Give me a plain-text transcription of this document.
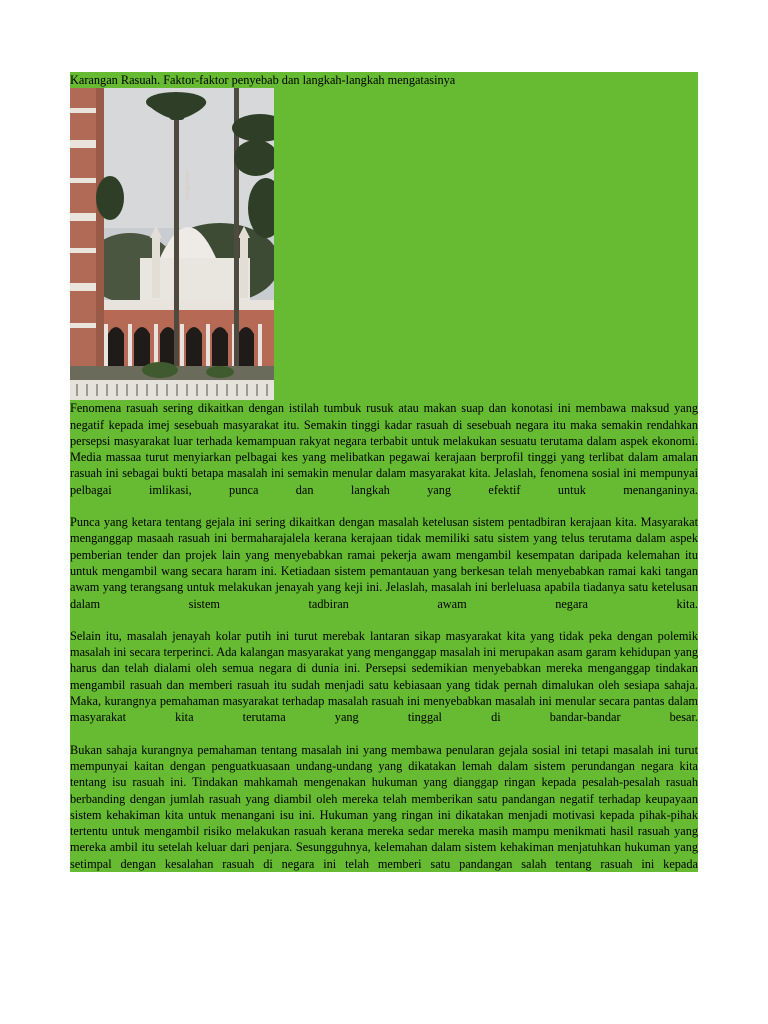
Karangan Rasuah. Faktor-faktor penyebab dan langkah-langkah mengatasinya

Fenomena rasuah sering dikaitkan dengan istilah tumbuk rusuk atau makan suap dan konotasi ini membawa maksud yang negatif kepada imej sesebuah masyarakat itu. Semakin tinggi kadar rasuah di sesebuah negara itu maka semakin rendahkan persepsi masyarakat luar terhada kemampuan rakyat negara terbabit untuk melakukan sesuatu terutama dalam aspek ekonomi. Media massaa turut menyiarkan pelbagai kes yang melibatkan pegawai kerajaan berprofil tinggi yang terlibat dalam amalan rasuah ini sebagai bukti betapa masalah ini semakin menular dalam masyarakat kita. Jelaslah, fenomena sosial ini mempunyai pelbagai imlikasi, punca dan langkah yang efektif untuk menanganinya.

Punca yang ketara tentang gejala ini sering dikaitkan dengan masalah ketelusan sistem pentadbiran kerajaan kita. Masyarakat menganggap masaah rasuah ini bermaharajalela kerana kerajaan tidak memiliki satu sistem yang telus terutama dalam aspek pemberian tender dan projek lain yang menyebabkan ramai pekerja awam mengambil kesempatan daripada kelemahan itu untuk mengambil wang secara haram ini. Ketiadaan sistem pemantauan yang berkesan telah menyebabkan ramai kaki tangan awam yang terangsang untuk melakukan jenayah yang keji ini. Jelaslah, masalah ini berleluasa apabila tiadanya satu ketelusan dalam sistem tadbiran awam negara kita.

Selain itu, masalah jenayah kolar putih ini turut merebak lantaran sikap masyarakat kita yang tidak peka dengan polemik masalah ini secara terperinci. Ada kalangan masyarakat yang menganggap masalah ini merupakan asam garam kehidupan yang harus dan telah dialami oleh semua negara di dunia ini. Persepsi sedemikian menyebabkan mereka menganggap tindakan mengambil rasuah dan memberi rasuah itu sudah menjadi satu kebiasaan yang tidak pernah dimalukan oleh sesiapa sahaja. Maka, kurangnya pemahaman masyarakat terhadap masalah rasuah ini menyebabkan masalah ini menular secara pantas dalam masyarakat kita terutama yang tinggal di bandar-bandar besar.

Bukan sahaja kurangnya pemahaman tentang masalah ini yang membawa penularan gejala sosial ini tetapi masalah ini turut mempunyai kaitan dengan penguatkuasaan undang-undang yang dikatakan lemah dalam sistem perundangan negara kita tentang isu rasuah ini. Tindakan mahkamah mengenakan hukuman yang dianggap ringan kepada pesalah-pesalah rasuah berbanding dengan jumlah rasuah yang diambil oleh mereka telah memberikan satu pandangan negatif terhadap keupayaan sistem kehakiman kita untuk menangani isu ini. Hukuman yang ringan ini dikatakan menjadi motivasi kepada pihak-pihak tertentu untuk mengambil risiko melakukan rasuah kerana mereka sedar mereka masih mampu menikmati hasil rasuah yang mereka ambil itu setelah keluar dari penjara. Sesungguhnya, kelemahan dalam sistem kehakiman menjatuhkan hukuman yang setimpal dengan kesalahan rasuah di negara ini telah memberi satu pandangan salah tentang rasuah ini kepada
